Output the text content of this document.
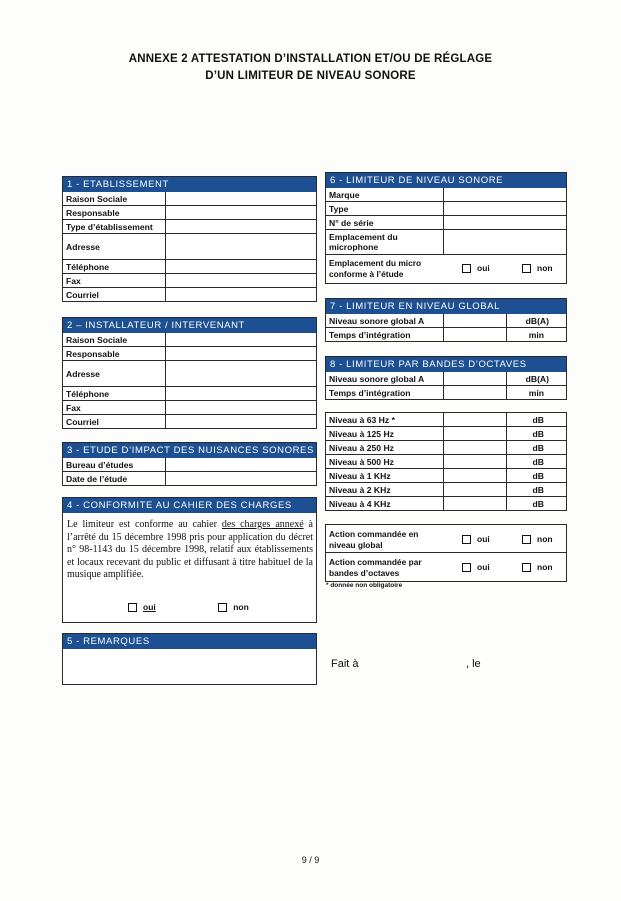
ANNEXE 2 ATTESTATION D’INSTALLATION ET/OU DE RÉGLAGE
D’UN LIMITEUR DE NIVEAU SONORE
1 - ETABLISSEMENT
Raison Sociale	
Responsable	
Type d’établissement	
Adresse	
Téléphone	
Fax	
Courriel	
2 – INSTALLATEUR / INTERVENANT
Raison Sociale	
Responsable	
Adresse	
Téléphone	
Fax	
Courriel	
3 - ETUDE D’IMPACT DES NUISANCES SONORES
Bureau d’études	
Date de l’étude	
4 - CONFORMITE AU CAHIER DES CHARGES
Le limiteur est conforme au cahier des charges annexé à l’arrêté du 15 décembre 1998 pris pour application du décret n° 98-1143 du 15 décembre 1998, relatif aux établissements et locaux recevant du public et diffusant à titre habituel de la musique amplifiée.
oui	non
5 - REMARQUES
6 - LIMITEUR DE NIVEAU SONORE
Marque	
Type	
N° de série	
Emplacement du microphone	
Emplacement du micro conforme à l’étude
oui	non
7 - LIMITEUR EN NIVEAU GLOBAL
Niveau sonore global A		dB(A)
Temps d’intégration		min
8 - LIMITEUR PAR BANDES D’OCTAVES
Niveau sonore global A		dB(A)
Temps d’intégration		min
Niveau à 63 Hz *		dB
Niveau à 125 Hz		dB
Niveau à 250 Hz		dB
Niveau à 500 Hz		dB
Niveau à 1 KHz		dB
Niveau à 2 KHz		dB
Niveau à 4 KHz		dB
Action commandée en niveau global
oui	non
Action commandée par bandes d’octaves
oui	non
* donnée non obligatoire
Fait à	, le
9 / 9
